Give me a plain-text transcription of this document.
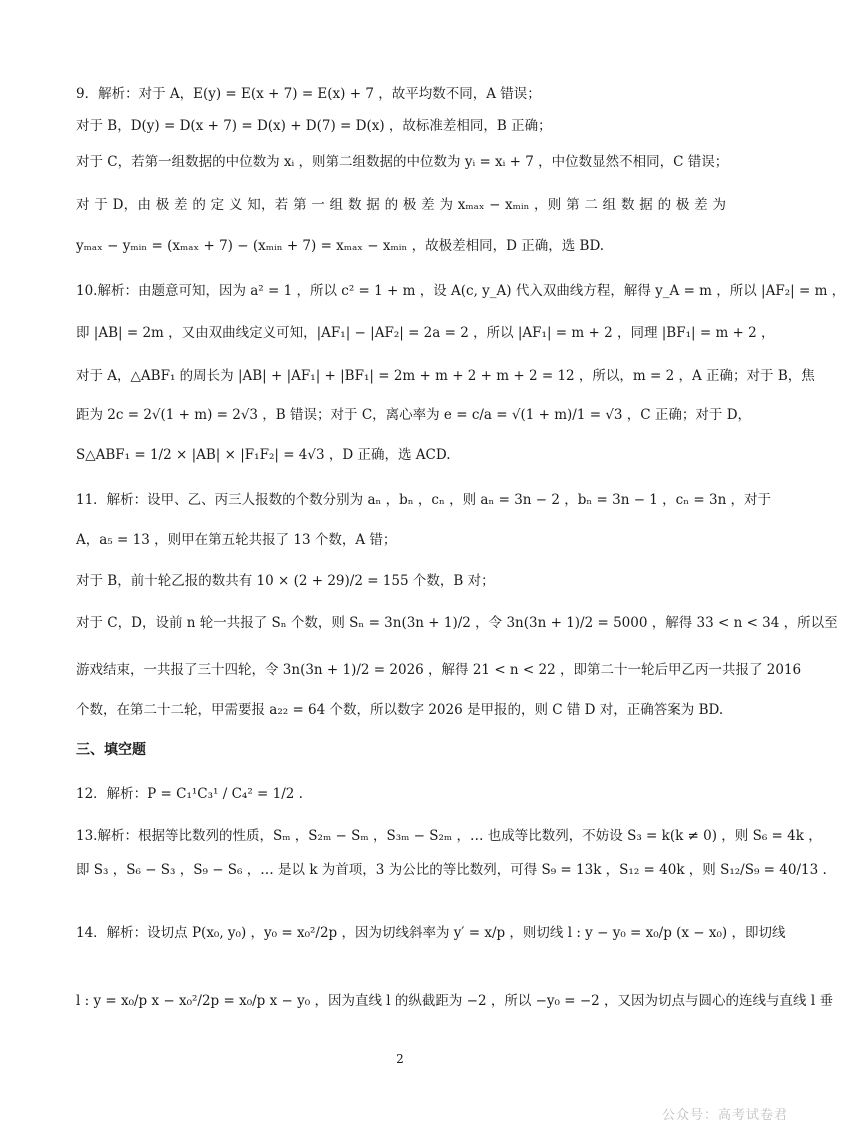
9．解析：对于 A，E(y) = E(x + 7) = E(x) + 7 ，故平均数不同，A 错误；
对于 B，D(y) = D(x + 7) = D(x) + D(7) = D(x) ，故标准差相同，B 正确；
对于 C，若第一组数据的中位数为 xᵢ ，则第二组数据的中位数为 yᵢ = xᵢ + 7 ，中位数显然不相同，C 错误；
对 于 D，由 极 差 的 定 义 知，若 第 一 组 数 据 的 极 差 为 xₘₐₓ − xₘᵢₙ ，则 第 二 组 数 据 的 极 差 为
yₘₐₓ − yₘᵢₙ = (xₘₐₓ + 7) − (xₘᵢₙ + 7) = xₘₐₓ − xₘᵢₙ ，故极差相同，D 正确，选 BD.
10.解析：由题意可知，因为 a² = 1 ，所以 c² = 1 + m ，设 A(c, y_A) 代入双曲线方程，解得 y_A = m ，所以 |AF₂| = m ，
即 |AB| = 2m ，又由双曲线定义可知，|AF₁| − |AF₂| = 2a = 2 ，所以 |AF₁| = m + 2 ，同理 |BF₁| = m + 2 ，
对于 A，△ABF₁ 的周长为 |AB| + |AF₁| + |BF₁| = 2m + m + 2 + m + 2 = 12 ，所以，m = 2 ，A 正确；对于 B，焦
距为 2c = 2√(1 + m) = 2√3 ，B 错误；对于 C，离心率为 e = c/a = √(1 + m)/1 = √3 ，C 正确；对于 D，
S△ABF₁ = 1/2 × |AB| × |F₁F₂| = 4√3 ，D 正确，选 ACD.
11．解析：设甲、乙、丙三人报数的个数分别为 aₙ ，bₙ ，cₙ ，则 aₙ = 3n − 2 ，bₙ = 3n − 1 ，cₙ = 3n ，对于
A，a₅ = 13 ，则甲在第五轮共报了 13 个数，A 错；
对于 B，前十轮乙报的数共有 10 × (2 + 29)/2 = 155 个数，B 对；
对于 C，D，设前 n 轮一共报了 Sₙ 个数，则 Sₙ = 3n(3n + 1)/2 ，令 3n(3n + 1)/2 = 5000 ，解得 33 < n < 34 ，所以至
游戏结束，一共报了三十四轮，令 3n(3n + 1)/2 = 2026 ，解得 21 < n < 22 ，即第二十一轮后甲乙丙一共报了 2016
个数，在第二十二轮，甲需要报 a₂₂ = 64 个数，所以数字 2026 是甲报的，则 C 错 D 对，正确答案为 BD.
三、填空题
12．解析：P = C₁¹C₃¹ / C₄² = 1/2 .
13.解析：根据等比数列的性质，Sₘ ，S₂ₘ − Sₘ ，S₃ₘ − S₂ₘ ，… 也成等比数列，不妨设 S₃ = k(k ≠ 0) ，则 S₆ = 4k ，
即 S₃ ，S₆ − S₃ ，S₉ − S₆ ，… 是以 k 为首项，3 为公比的等比数列，可得 S₉ = 13k ，S₁₂ = 40k ，则 S₁₂/S₉ = 40/13 .
14．解析：设切点 P(x₀, y₀) ，y₀ = x₀²/2p ，因为切线斜率为 y′ = x/p ，则切线 l : y − y₀ = x₀/p (x − x₀) ，即切线
l : y = x₀/p x − x₀²/2p = x₀/p x − y₀ ，因为直线 l 的纵截距为 −2 ，所以 −y₀ = −2 ，又因为切点与圆心的连线与直线 l 垂
2
公众号：高考试卷君
